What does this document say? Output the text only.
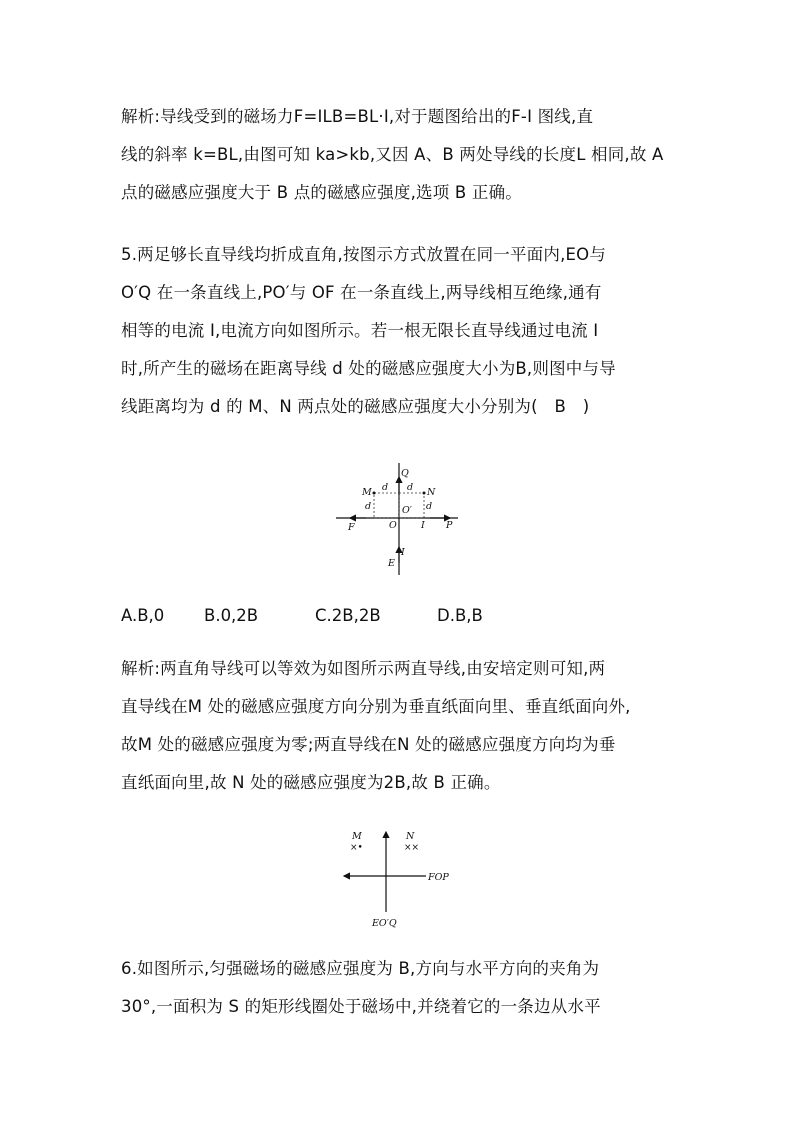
解析:导线受到的磁场力F=ILB=BL·I,对于题图给出的F-I 图线,直
线的斜率 k=BL,由图可知 ka>kb,又因 A、B 两处导线的长度L 相同,故 A
点的磁感应强度大于 B 点的磁感应强度,选项 B 正确。
5.两足够长直导线均折成直角,按图示方式放置在同一平面内,EO与
O′Q 在一条直线上,PO′与 OF 在一条直线上,两导线相互绝缘,通有
相等的电流 I,电流方向如图所示。若一根无限长直导线通过电流 I
时,所产生的磁场在距离导线 d 处的磁感应强度大小为B,则图中与导
线距离均为 d 的 M、N 两点处的磁感应强度大小分别为(　B　)
Q
M	N
d d
d	d
O′
F	O	I P
I
E
A.B,0 B.0,2B	C.2B,2B	D.B,B
解析:两直角导线可以等效为如图所示两直导线,由安培定则可知,两
直导线在M 处的磁感应强度方向分别为垂直纸面向里、垂直纸面向外,
故M 处的磁感应强度为零;两直导线在N 处的磁感应强度方向均为垂
直纸面向里,故 N 处的磁感应强度为2B,故 B 正确。
M
×•
N
××
FOP
EO′Q
6.如图所示,匀强磁场的磁感应强度为 B,方向与水平方向的夹角为
30°,一面积为 S 的矩形线圈处于磁场中,并绕着它的一条边从水平
